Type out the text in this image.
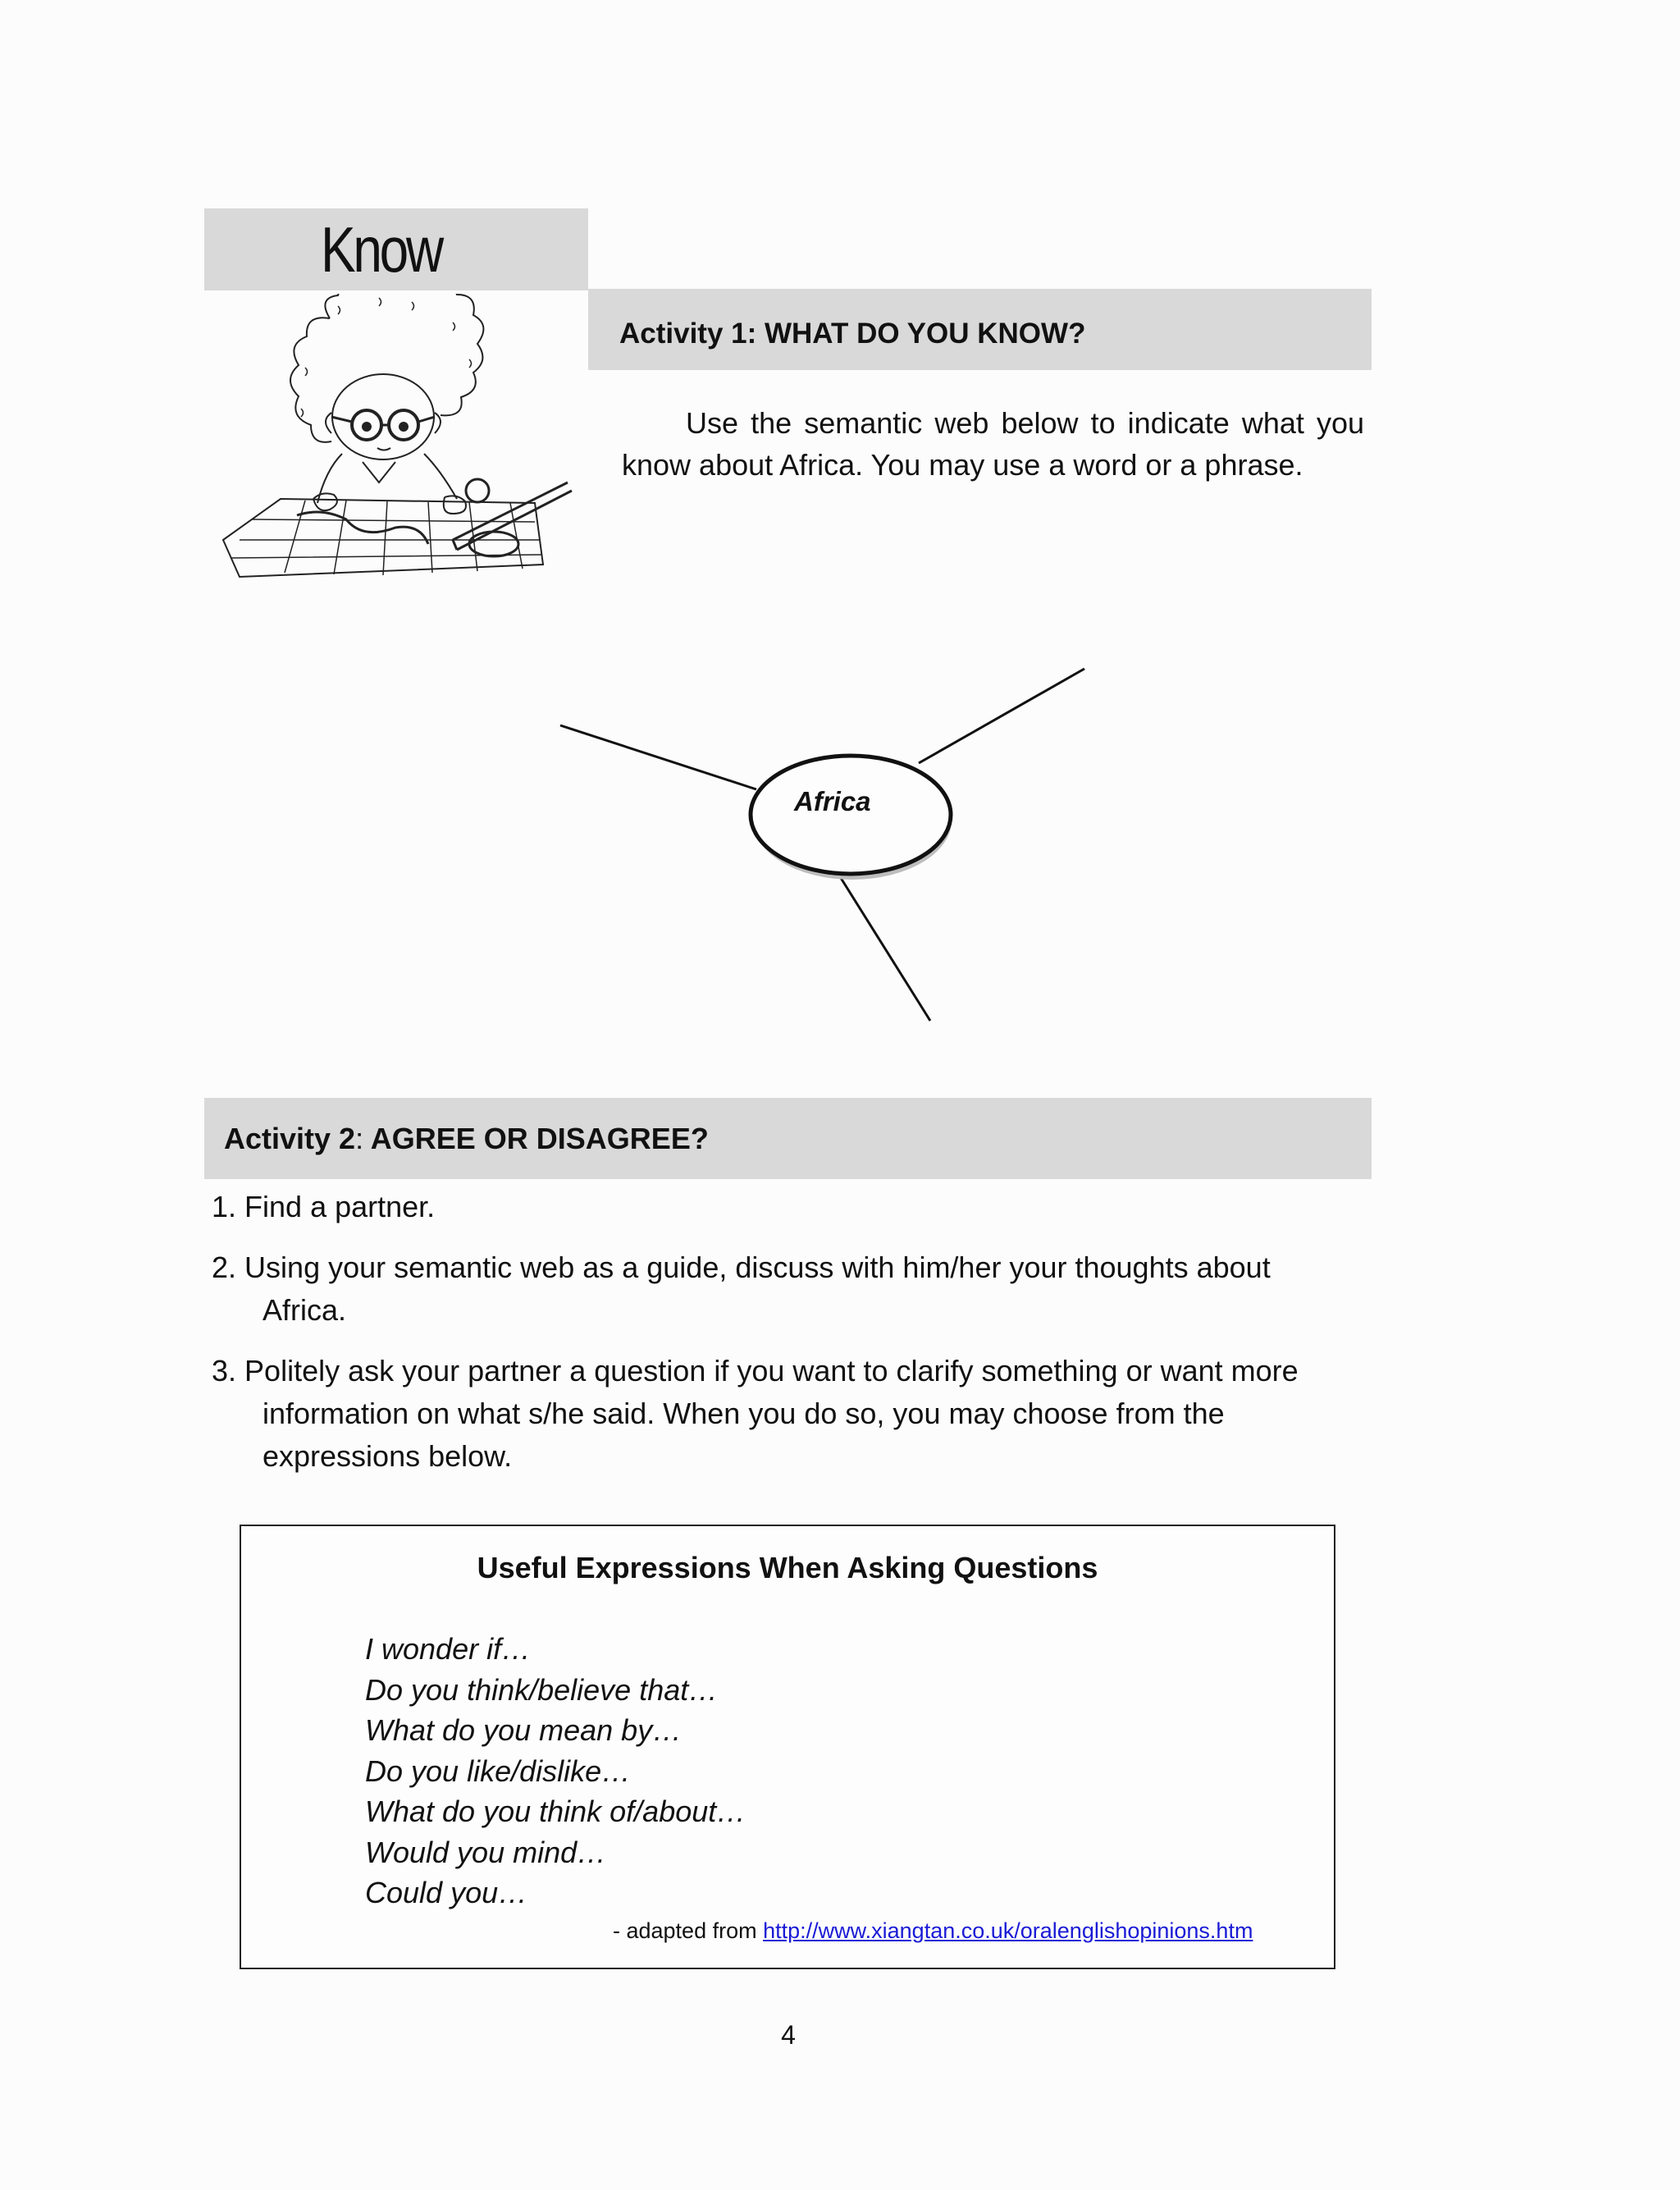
Know
Activity 1: WHAT DO YOU KNOW?
Use the semantic web below to indicate what you know about Africa. You may use a word or a phrase.
Africa
Activity 2: AGREE OR DISAGREE?
1. Find a partner.
2. Using your semantic web as a guide, discuss with him/her your thoughts about
Africa.
3. Politely ask your partner a question if you want to clarify something or want more
information on what s/he said. When you do so, you may choose from the expressions below.
Useful Expressions When Asking Questions
I wonder if…
Do you think/believe that…
What do you mean by…
Do you like/dislike…
What do you think of/about…
Would you mind…
Could you…
- adapted from http://www.xiangtan.co.uk/oralenglishopinions.htm
4
